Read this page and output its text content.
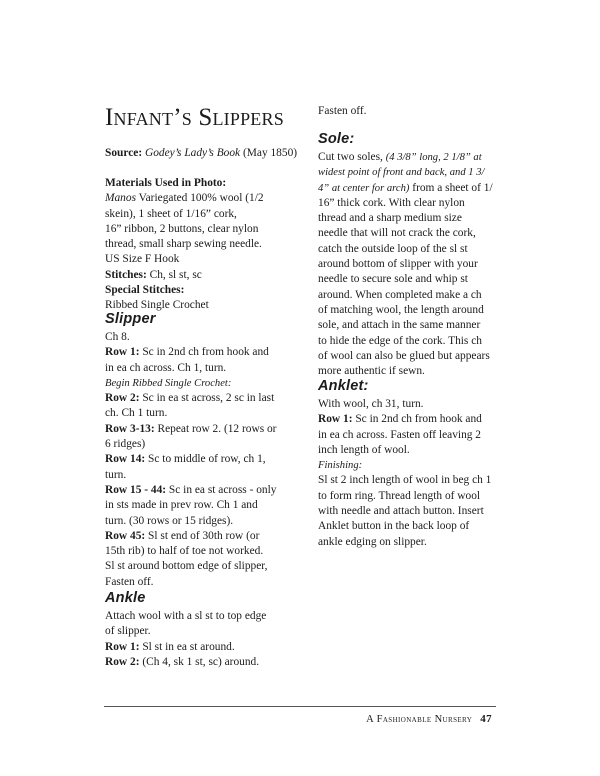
Infant’s Slippers
Source: Godey’s Lady’s Book (May 1850)
Materials Used in Photo:
Manos Variegated 100% wool (1/2
skein), 1 sheet of 1/16” cork,
16” ribbon, 2 buttons, clear nylon
thread, small sharp sewing needle.
US Size F Hook
Stitches: Ch, sl st, sc
Special Stitches:
Ribbed Single Crochet
Slipper
Ch 8.
Row 1: Sc in 2nd ch from hook and
in ea ch across. Ch 1, turn.
Begin Ribbed Single Crochet:
Row 2: Sc in ea st across, 2 sc in last
ch. Ch 1 turn.
Row 3-13: Repeat row 2. (12 rows or
6 ridges)
Row 14: Sc to middle of row, ch 1,
turn.
Row 15 - 44: Sc in ea st across - only
in sts made in prev row. Ch 1 and
turn. (30 rows or 15 ridges).
Row 45: Sl st end of 30th row (or
15th rib) to half of toe not worked.
Sl st around bottom edge of slipper,
Fasten off.
Ankle
Attach wool with a sl st to top edge
of slipper.
Row 1: Sl st in ea st around.
Row 2: (Ch 4, sk 1 st, sc) around.
Fasten off.
Sole:
Cut two soles, (4 3/8” long, 2 1/8” at
widest point of front and back, and 1 3/
4” at center for arch) from a sheet of 1/
16” thick cork. With clear nylon
thread and a sharp medium size
needle that will not crack the cork,
catch the outside loop of the sl st
around bottom of slipper with your
needle to secure sole and whip st
around. When completed make a ch
of matching wool, the length around
sole, and attach in the same manner
to hide the edge of the cork. This ch
of wool can also be glued but appears
more authentic if sewn.
Anklet:
With wool, ch 31, turn.
Row 1: Sc in 2nd ch from hook and
in ea ch across. Fasten off leaving 2
inch length of wool.
Finishing:
Sl st 2 inch length of wool in beg ch 1
to form ring. Thread length of wool
with needle and attach button. Insert
Anklet button in the back loop of
ankle edging on slipper.
A Fashionable Nursery 47
